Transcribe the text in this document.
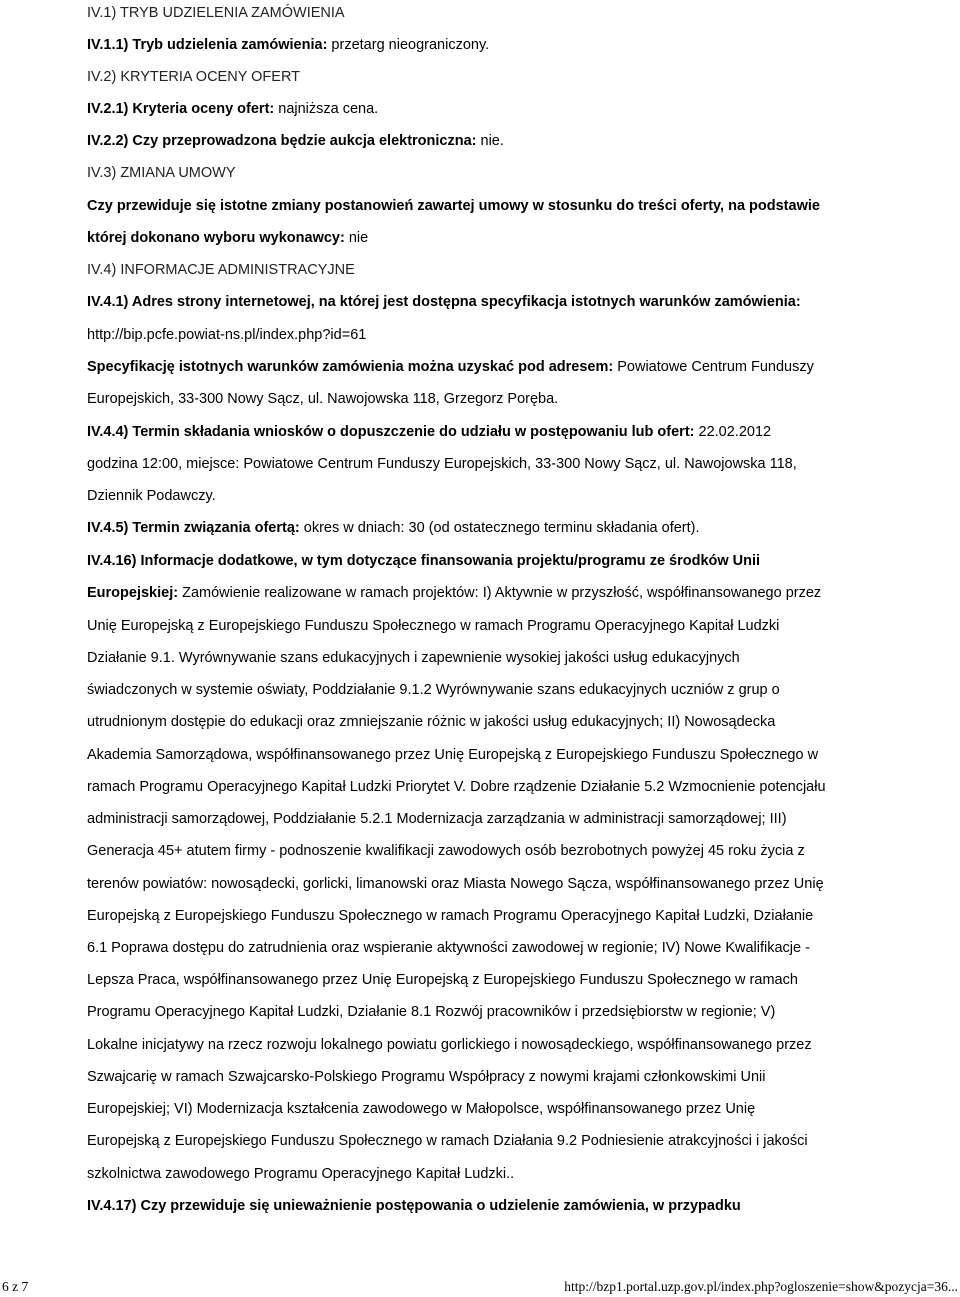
IV.1) TRYB UDZIELENIA ZAMÓWIENIA
IV.1.1) Tryb udzielenia zamówienia: przetarg nieograniczony.
IV.2) KRYTERIA OCENY OFERT
IV.2.1) Kryteria oceny ofert: najniższa cena.
IV.2.2) Czy przeprowadzona będzie aukcja elektroniczna: nie.
IV.3) ZMIANA UMOWY
Czy przewiduje się istotne zmiany postanowień zawartej umowy w stosunku do treści oferty, na podstawie
której dokonano wyboru wykonawcy: nie
IV.4) INFORMACJE ADMINISTRACYJNE
IV.4.1) Adres strony internetowej, na której jest dostępna specyfikacja istotnych warunków zamówienia:
http://bip.pcfe.powiat-ns.pl/index.php?id=61
Specyfikację istotnych warunków zamówienia można uzyskać pod adresem: Powiatowe Centrum Funduszy
Europejskich, 33-300 Nowy Sącz, ul. Nawojowska 118, Grzegorz Poręba.
IV.4.4) Termin składania wniosków o dopuszczenie do udziału w postępowaniu lub ofert: 22.02.2012
godzina 12:00, miejsce: Powiatowe Centrum Funduszy Europejskich, 33-300 Nowy Sącz, ul. Nawojowska 118,
Dziennik Podawczy.
IV.4.5) Termin związania ofertą: okres w dniach: 30 (od ostatecznego terminu składania ofert).
IV.4.16) Informacje dodatkowe, w tym dotyczące finansowania projektu/programu ze środków Unii
Europejskiej: Zamówienie realizowane w ramach projektów: I) Aktywnie w przyszłość, współfinansowanego przez
Unię Europejską z Europejskiego Funduszu Społecznego w ramach Programu Operacyjnego Kapitał Ludzki
Działanie 9.1. Wyrównywanie szans edukacyjnych i zapewnienie wysokiej jakości usług edukacyjnych
świadczonych w systemie oświaty, Poddziałanie 9.1.2 Wyrównywanie szans edukacyjnych uczniów z grup o
utrudnionym dostępie do edukacji oraz zmniejszanie różnic w jakości usług edukacyjnych; II) Nowosądecka
Akademia Samorządowa, współfinansowanego przez Unię Europejską z Europejskiego Funduszu Społecznego w
ramach Programu Operacyjnego Kapitał Ludzki Priorytet V. Dobre rządzenie Działanie 5.2 Wzmocnienie potencjału
administracji samorządowej, Poddziałanie 5.2.1 Modernizacja zarządzania w administracji samorządowej; III)
Generacja 45+ atutem firmy - podnoszenie kwalifikacji zawodowych osób bezrobotnych powyżej 45 roku życia z
terenów powiatów: nowosądecki, gorlicki, limanowski oraz Miasta Nowego Sącza, współfinansowanego przez Unię
Europejską z Europejskiego Funduszu Społecznego w ramach Programu Operacyjnego Kapitał Ludzki, Działanie
6.1 Poprawa dostępu do zatrudnienia oraz wspieranie aktywności zawodowej w regionie; IV) Nowe Kwalifikacje -
Lepsza Praca, współfinansowanego przez Unię Europejską z Europejskiego Funduszu Społecznego w ramach
Programu Operacyjnego Kapitał Ludzki, Działanie 8.1 Rozwój pracowników i przedsiębiorstw w regionie; V)
Lokalne inicjatywy na rzecz rozwoju lokalnego powiatu gorlickiego i nowosądeckiego, współfinansowanego przez
Szwajcarię w ramach Szwajcarsko-Polskiego Programu Współpracy z nowymi krajami członkowskimi Unii
Europejskiej; VI) Modernizacja kształcenia zawodowego w Małopolsce, współfinansowanego przez Unię
Europejską z Europejskiego Funduszu Społecznego w ramach Działania 9.2 Podniesienie atrakcyjności i jakości
szkolnictwa zawodowego Programu Operacyjnego Kapitał Ludzki..
IV.4.17) Czy przewiduje się unieważnienie postępowania o udzielenie zamówienia, w przypadku
6 z 7	http://bzp1.portal.uzp.gov.pl/index.php?ogloszenie=show&pozycja=36...
